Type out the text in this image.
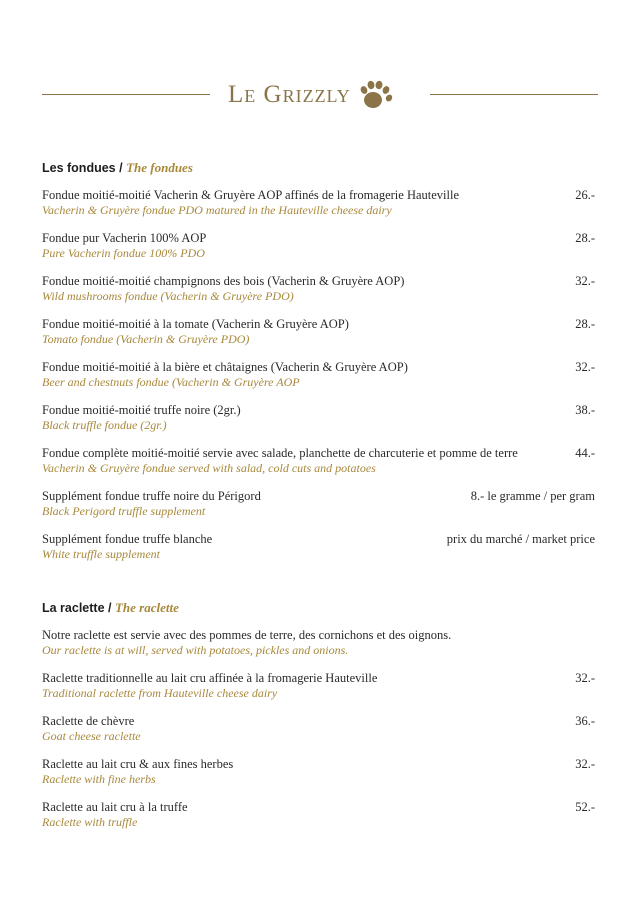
Le Grizzly
Les fondues / The fondues
Fondue moitié-moitié Vacherin & Gruyère AOP affinés de la fromagerie Hauteville
Vacherin & Gruyère fondue PDO matured in the Hauteville cheese dairy
26.-
Fondue pur Vacherin 100% AOP
Pure Vacherin fondue 100% PDO
28.-
Fondue moitié-moitié champignons des bois (Vacherin & Gruyère AOP)
Wild mushrooms fondue (Vacherin & Gruyère PDO)
32.-
Fondue moitié-moitié à la tomate (Vacherin & Gruyère AOP)
Tomato fondue (Vacherin & Gruyère PDO)
28.-
Fondue moitié-moitié à la bière et châtaignes (Vacherin & Gruyère AOP)
Beer and chestnuts fondue (Vacherin & Gruyère AOP
32.-
Fondue moitié-moitié truffe noire (2gr.)
Black truffle fondue (2gr.)
38.-
Fondue complète moitié-moitié servie avec salade, planchette de charcuterie et pomme de terre
Vacherin & Gruyère fondue served with salad, cold cuts and potatoes
44.-
Supplément fondue truffe noire du Périgord
Black Perigord truffle supplement
8.- le gramme / per gram
Supplément fondue truffe blanche
White truffle supplement
prix du marché / market price
La raclette / The raclette
Notre raclette est servie avec des pommes de terre, des cornichons et des oignons.
Our raclette is at will, served with potatoes, pickles and onions.
Raclette traditionnelle au lait cru affinée à la fromagerie Hauteville
Traditional raclette from Hauteville cheese dairy
32.-
Raclette de chèvre
Goat cheese raclette
36.-
Raclette au lait cru & aux fines herbes
Raclette with fine herbs
32.-
Raclette au lait cru à la truffe
Raclette with truffle
52.-
